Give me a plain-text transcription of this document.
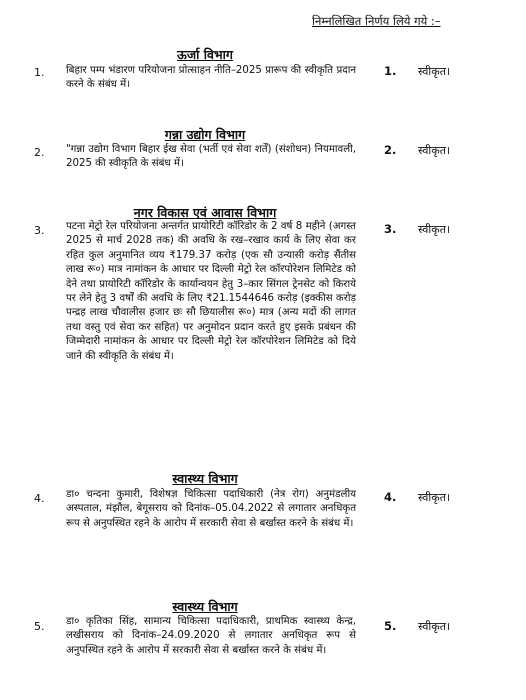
निम्नलिखित निर्णय लिये गये :–
ऊर्जा विभाग
1. बिहार पम्प भंडारण परियोजना प्रोत्साहन नीति–2025 प्रारूप की स्वीकृति प्रदान करने के संबंध में।
1. स्वीकृत।
गन्ना उद्योग विभाग
2. "गन्ना उद्योग विभाग बिहार ईख सेवा (भर्ती एवं सेवा शर्तें) (संशोधन) नियमावली, 2025 की स्वीकृति के संबंध में।
2. स्वीकृत।
नगर विकास एवं आवास विभाग
3. पटना मेट्रो रेल परियोजना अन्तर्गत प्रायोरिटी कॉरिडोर के 2 वर्ष 8 महीने (अगस्त 2025 से मार्च 2028 तक) की अवधि के रख–रखाव कार्य के लिए सेवा कर रहित कुल अनुमानित व्यय ₹179.37 करोड़ (एक सौ उन्यासी करोड़ सैंतीस लाख रू०) मात्र नामांकन के आधार पर दिल्ली मेट्रो रेल कॉरपोरेशन लिमिटेड को देने तथा प्रायोरिटी कॉरिडोर के कार्यान्वयन हेतु 3–कार सिंगल ट्रेनसेट को किराये पर लेने हेतु 3 वर्षों की अवधि के लिए ₹21.1544646 करोड़ (इक्कीस करोड़ पन्द्रह लाख चौवालीस हजार छः सौ छियालीस रू०) मात्र (अन्य मदों की लागत तथा वस्तु एवं सेवा कर सहित) पर अनुमोदन प्रदान करते हुए इसके प्रबंधन की जिम्मेदारी नामांकन के आधार पर दिल्ली मेट्रो रेल कॉरपोरेशन लिमिटेड को दिये जाने की स्वीकृति के संबंध में।
3. स्वीकृत।
स्वास्थ्य विभाग
4. डा० चन्दना कुमारी, विशेषज्ञ चिकित्सा पदाधिकारी (नेत्र रोग) अनुमंडलीय अस्पताल, मंझौल, बेगूसराय को दिनांक–05.04.2022 से लगातार अनधिकृत रूप से अनुपस्थित रहने के आरोप में सरकारी सेवा से बर्खास्त करने के संबंध में।
4. स्वीकृत।
स्वास्थ्य विभाग
5. डा० कृतिका सिंह, सामान्य चिकित्सा पदाधिकारी, प्राथमिक स्वास्थ्य केन्द्र, लखीसराय को दिनांक–24.09.2020 से लगातार अनधिकृत रूप से अनुपस्थित रहने के आरोप में सरकारी सेवा से बर्खास्त करने के संबंध में।
5. स्वीकृत।
